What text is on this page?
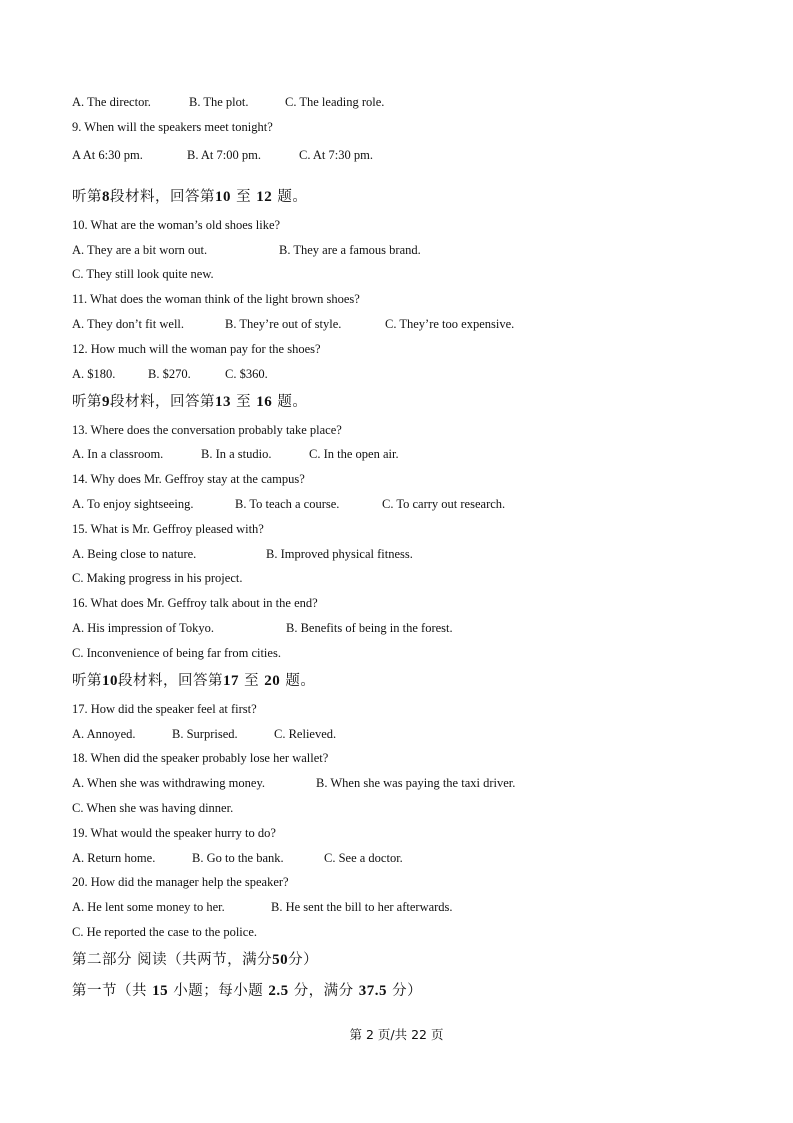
A. The director.	B. The plot.	C. The leading role.
9. When will the speakers meet tonight?
A At 6:30 pm.	B. At 7:00 pm.	C. At 7:30 pm.
听第8段材料，回答第10 至 12 题。
10. What are the woman’s old shoes like?
A. They are a bit worn out.	B. They are a famous brand.
C. They still look quite new.
11. What does the woman think of the light brown shoes?
A. They don’t fit well.	B. They’re out of style.	C. They’re too expensive.
12. How much will the woman pay for the shoes?
A. $180.	B. $270.	C. $360.
听第9段材料，回答第13 至 16 题。
13. Where does the conversation probably take place?
A. In a classroom.	B. In a studio.	C. In the open air.
14. Why does Mr. Geffroy stay at the campus?
A. To enjoy sightseeing.	B. To teach a course.	C. To carry out research.
15. What is Mr. Geffroy pleased with?
A. Being close to nature.	B. Improved physical fitness.
C. Making progress in his project.
16. What does Mr. Geffroy talk about in the end?
A. His impression of Tokyo.	B. Benefits of being in the forest.
C. Inconvenience of being far from cities.
听第10段材料，回答第17 至 20 题。
17. How did the speaker feel at first?
A. Annoyed.	B. Surprised.	C. Relieved.
18. When did the speaker probably lose her wallet?
A. When she was withdrawing money.	B. When she was paying the taxi driver.
C. When she was having dinner.
19. What would the speaker hurry to do?
A. Return home.	B. Go to the bank.	C. See a doctor.
20. How did the manager help the speaker?
A. He lent some money to her.	B. He sent the bill to her afterwards.
C. He reported the case to the police.
第二部分 阅读（共两节，满分50分）
第一节（共 15 小题；每小题 2.5 分，满分 37.5 分）
第 2 页/共 22 页
